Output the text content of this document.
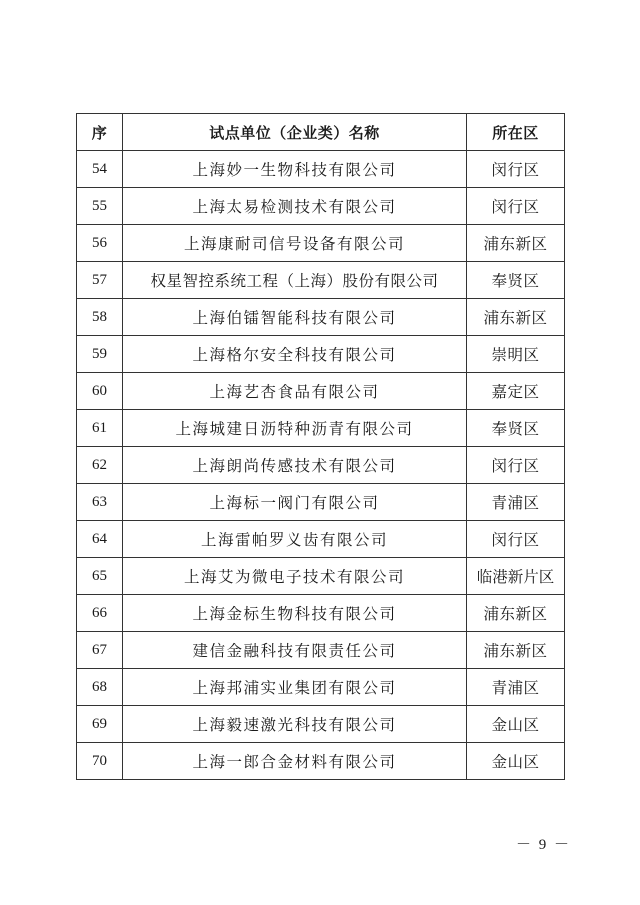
序	试点单位（企业类）名称	所在区
54	上海妙一生物科技有限公司	闵行区
55	上海太易检测技术有限公司	闵行区
56	上海康耐司信号设备有限公司	浦东新区
57	权星智控系统工程（上海）股份有限公司	奉贤区
58	上海伯镭智能科技有限公司	浦东新区
59	上海格尔安全科技有限公司	崇明区
60	上海艺杏食品有限公司	嘉定区
61	上海城建日沥特种沥青有限公司	奉贤区
62	上海朗尚传感技术有限公司	闵行区
63	上海标一阀门有限公司	青浦区
64	上海雷帕罗义齿有限公司	闵行区
65	上海艾为微电子技术有限公司	临港新片区
66	上海金标生物科技有限公司	浦东新区
67	建信金融科技有限责任公司	浦东新区
68	上海邦浦实业集团有限公司	青浦区
69	上海毅速激光科技有限公司	金山区
70	上海一郎合金材料有限公司	金山区
－ 9 －
